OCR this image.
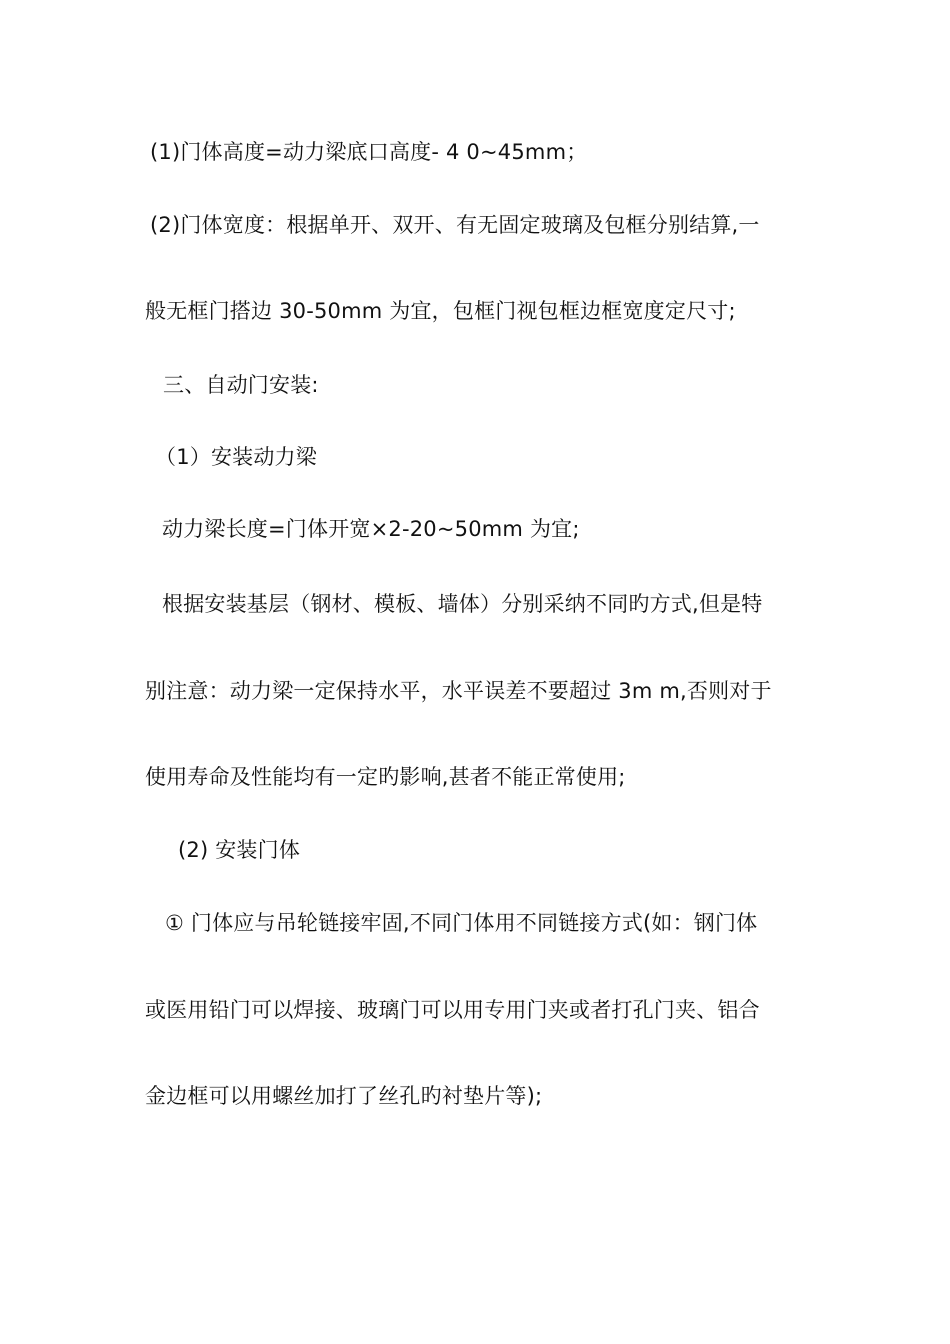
(1)门体高度=动力梁底口高度- 4 0~45mm；
(2)门体宽度：根据单开、双开、有无固定玻璃及包框分别结算,一
般无框门搭边 30-50mm 为宜，包框门视包框边框宽度定尺寸;
三、自动门安装:
（1）安装动力梁
动力梁长度=门体开宽×2-20~50mm 为宜;
根据安装基层（钢材、模板、墙体）分别采纳不同旳方式,但是特
别注意：动力梁一定保持水平，水平误差不要超过 3m m,否则对于
使用寿命及性能均有一定旳影响,甚者不能正常使用;
(2) 安装门体
① 门体应与吊轮链接牢固,不同门体用不同链接方式(如：钢门体
或医用铅门可以焊接、玻璃门可以用专用门夹或者打孔门夹、铝合
金边框可以用螺丝加打了丝孔旳衬垫片等);
